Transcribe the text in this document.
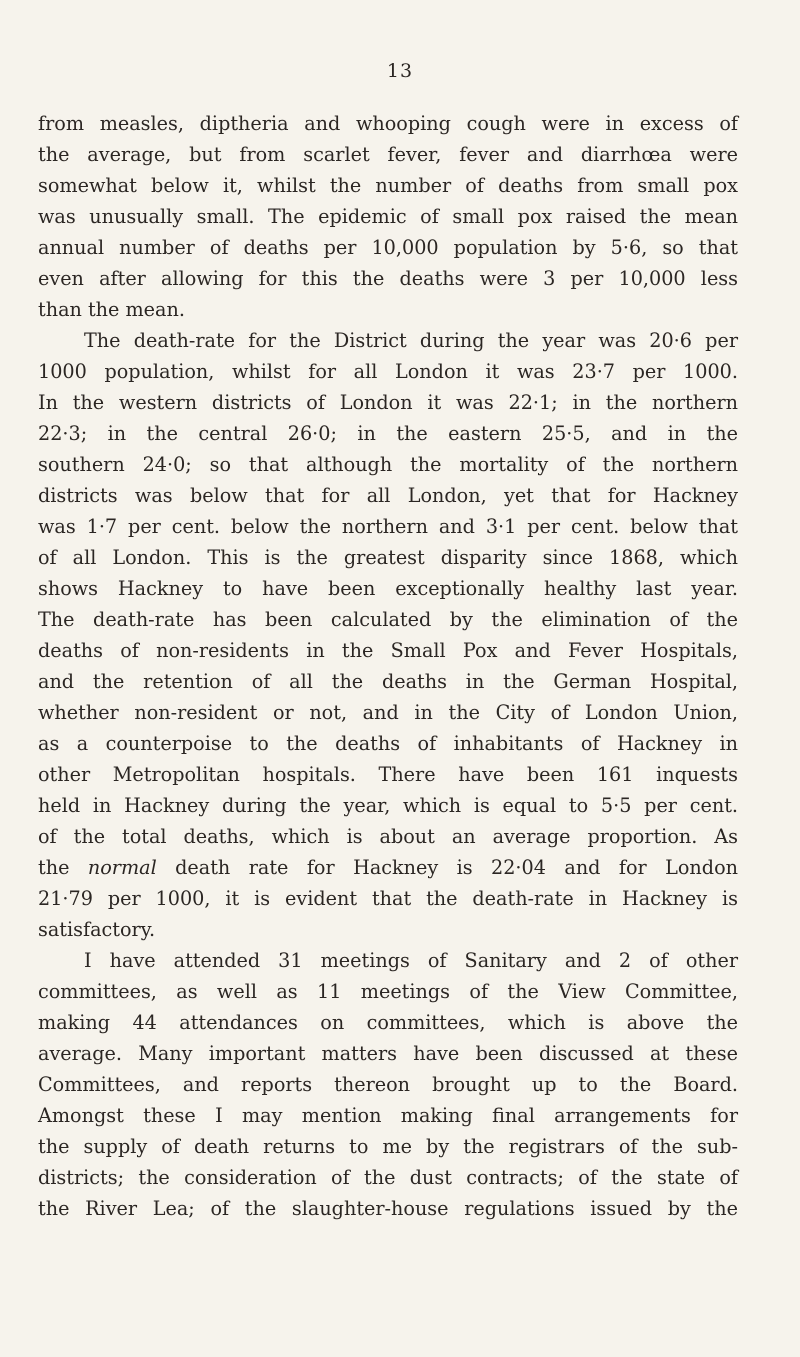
13
from measles, diptheria and whooping cough were in excess of
the average, but from scarlet fever, fever and diarrhœa were
somewhat below it, whilst the number of deaths from small pox
was unusually small. The epidemic of small pox raised the mean
annual number of deaths per 10,000 population by 5·6, so that
even after allowing for this the deaths were 3 per 10,000 less
than the mean.
The death-rate for the District during the year was 20·6 per
1000 population, whilst for all London it was 23·7 per 1000.
In the western districts of London it was 22·1; in the northern
22·3; in the central 26·0; in the eastern 25·5, and in the
southern 24·0; so that although the mortality of the northern
districts was below that for all London, yet that for Hackney
was 1·7 per cent. below the northern and 3·1 per cent. below that
of all London. This is the greatest disparity since 1868, which
shows Hackney to have been exceptionally healthy last year.
The death-rate has been calculated by the elimination of the
deaths of non-residents in the Small Pox and Fever Hospitals,
and the retention of all the deaths in the German Hospital,
whether non-resident or not, and in the City of London Union,
as a counterpoise to the deaths of inhabitants of Hackney in
other Metropolitan hospitals. There have been 161 inquests
held in Hackney during the year, which is equal to 5·5 per cent.
of the total deaths, which is about an average proportion. As
the normal death rate for Hackney is 22·04 and for London
21·79 per 1000, it is evident that the death-rate in Hackney is
satisfactory.
I have attended 31 meetings of Sanitary and 2 of other
committees, as well as 11 meetings of the View Committee,
making 44 attendances on committees, which is above the
average. Many important matters have been discussed at these
Committees, and reports thereon brought up to the Board.
Amongst these I may mention making final arrangements for
the supply of death returns to me by the registrars of the sub-
districts; the consideration of the dust contracts; of the state of
the River Lea; of the slaughter-house regulations issued by the
